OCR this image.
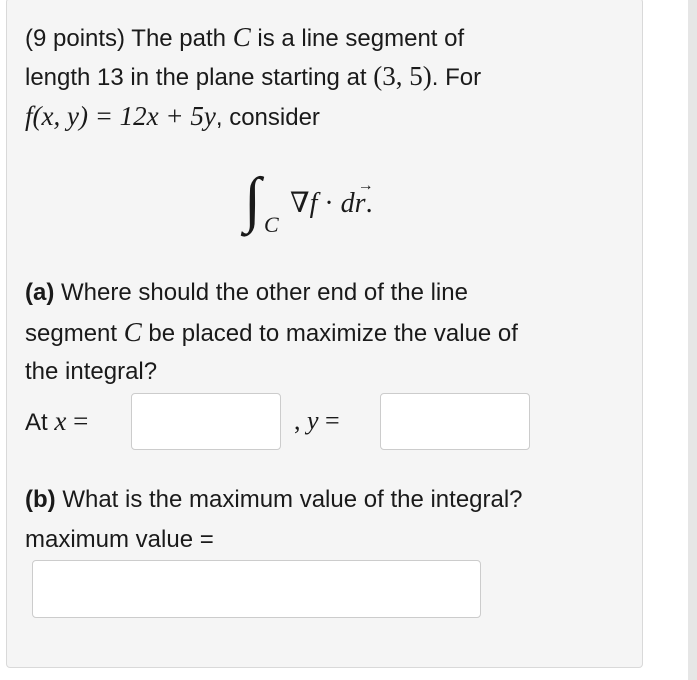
(9 points) The path C is a line segment of
length 13 in the plane starting at (3, 5). For
f(x, y) = 12x + 5y, consider
∫ C
∇f · d
→
r.
(a) Where should the other end of the line
segment C be placed to maximize the value of
the integral?
At x =	, y =
(b) What is the maximum value of the integral?
maximum value =
